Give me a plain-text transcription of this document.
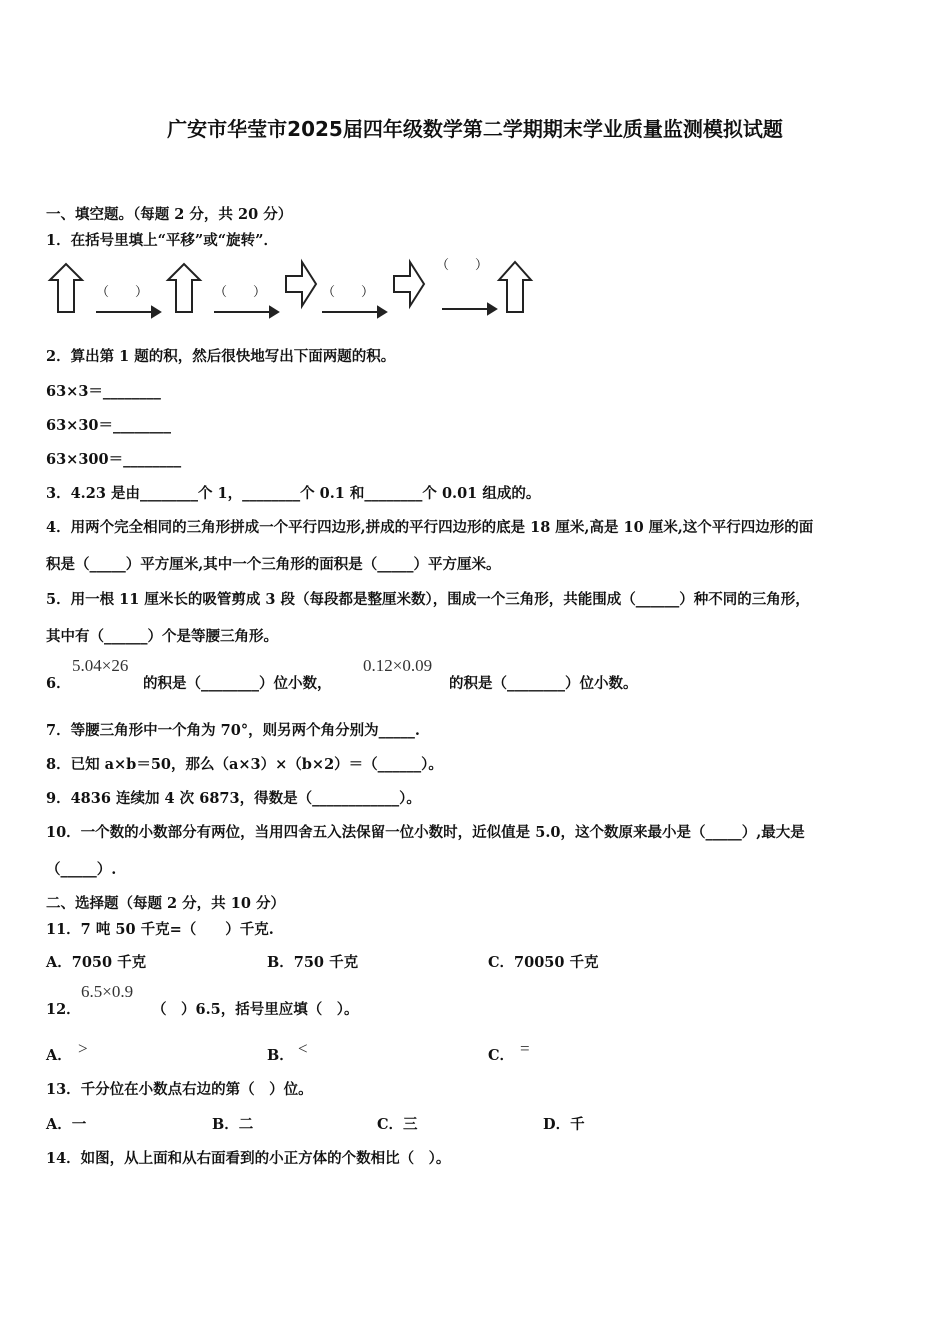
广安市华莹市2025届四年级数学第二学期期末学业质量监测模拟试题
一、填空题。（每题 2 分，共 20 分）
1．在括号里填上“平移”或“旋转”．
（　　）	（　　）	（　　）
（　　）
2．算出第 1 题的积，然后很快地写出下面两题的积。
63×3＝________
63×30＝________
63×300＝________
3．4.23 是由________个 1，________个 0.1 和________个 0.01 组成的。
4．用两个完全相同的三角形拼成一个平行四边形,拼成的平行四边形的底是 18 厘米,高是 10 厘米,这个平行四边形的面
积是（_____）平方厘米,其中一个三角形的面积是（_____）平方厘米。
5．用一根 11 厘米长的吸管剪成 3 段（每段都是整厘米数），围成一个三角形，共能围成（______）种不同的三角形，
其中有（______）个是等腰三角形。
6．
5.04×26
的积是（________）位小数，
0.12×0.09
的积是（________）位小数。
7．等腰三角形中一个角为 70°，则另两个角分别为_____.
8．已知 a×b＝50，那么（a×3）×（b×2）＝（______）。
9．4836 连续加 4 次 6873，得数是（____________）。
10．一个数的小数部分有两位，当用四舍五入法保留一位小数时，近似值是 5.0，这个数原来最小是（_____）,最大是
（_____）.
二、选择题（每题 2 分，共 10 分）
11．7 吨 50 千克=（　　）千克.
A．7050 千克	B．750 千克	C．70050 千克
12．
6.5×0.9
（　）6.5，括号里应填（　）。
A． >	B． <	C． =
13．千分位在小数点右边的第（　）位。
A．一	B．二	C．三	D．千
14．如图，从上面和从右面看到的小正方体的个数相比（　）。
